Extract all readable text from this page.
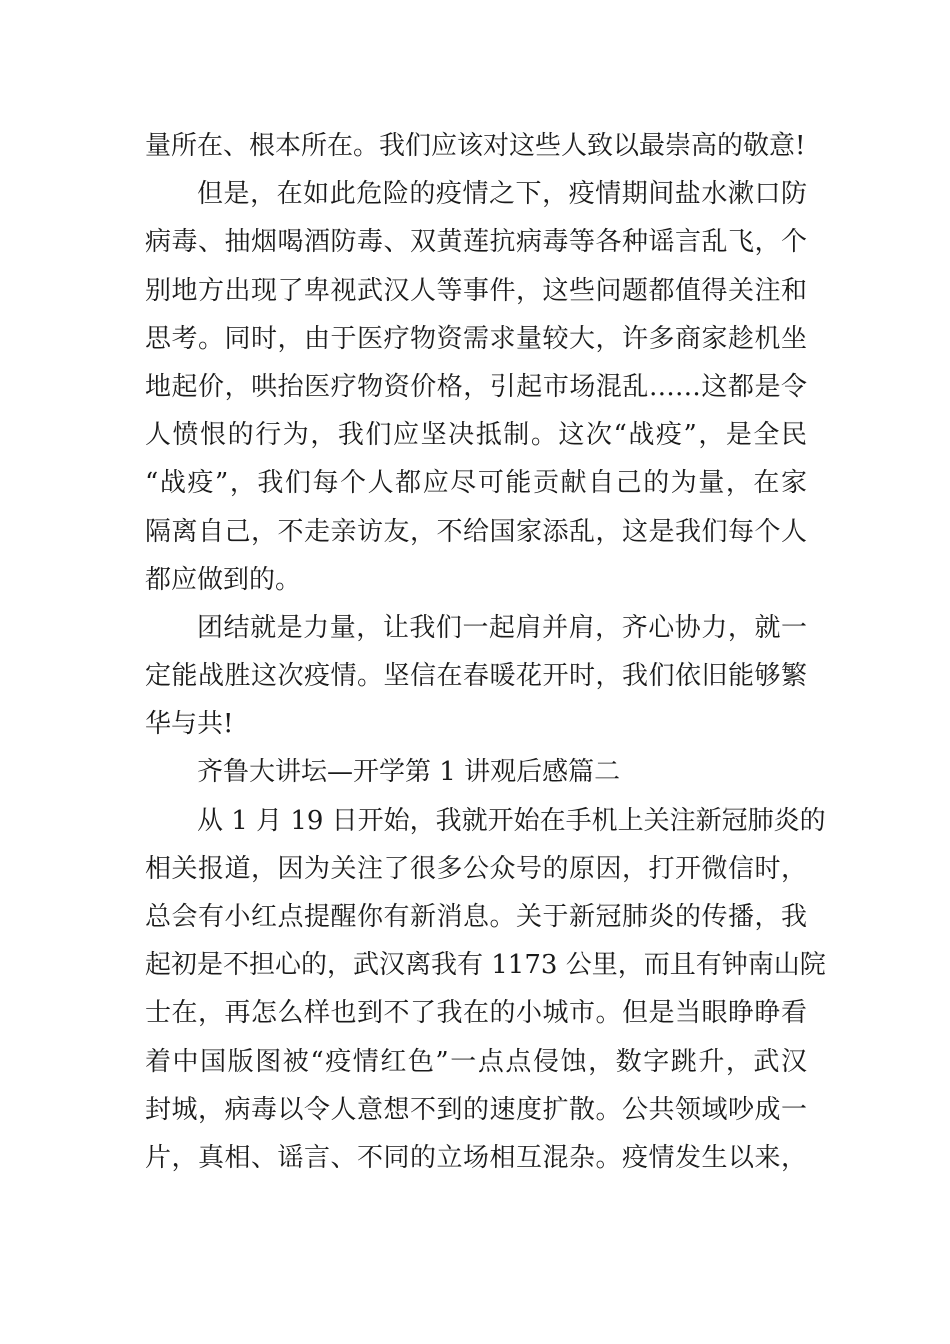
量所在、根本所在。我们应该对这些人致以最崇高的敬意!
但是，在如此危险的疫情之下，疫情期间盐水漱口防
病毒、抽烟喝酒防毒、双黄莲抗病毒等各种谣言乱飞，个
别地方出现了卑视武汉人等事件，这些问题都值得关注和
思考。同时，由于医疗物资需求量较大，许多商家趁机坐
地起价，哄抬医疗物资价格，引起市场混乱……这都是令
人愤恨的行为，我们应坚决抵制。这次“战疫”，是全民
“战疫”，我们每个人都应尽可能贡献自己的为量，在家
隔离自己，不走亲访友，不给国家添乱，这是我们每个人
都应做到的。
团结就是力量，让我们一起肩并肩，齐心协力，就一
定能战胜这次疫情。坚信在春暖花开时，我们依旧能够繁
华与共!
齐鲁大讲坛—开学第 1 讲观后感篇二
从 1 月 19 日开始，我就开始在手机上关注新冠肺炎的
相关报道，因为关注了很多公众号的原因，打开微信时，
总会有小红点提醒你有新消息。关于新冠肺炎的传播，我
起初是不担心的，武汉离我有 1173 公里，而且有钟南山院
士在，再怎么样也到不了我在的小城市。但是当眼睁睁看
着中国版图被“疫情红色”一点点侵蚀，数字跳升，武汉
封城，病毒以令人意想不到的速度扩散。公共领域吵成一
片，真相、谣言、不同的立场相互混杂。疫情发生以来，
